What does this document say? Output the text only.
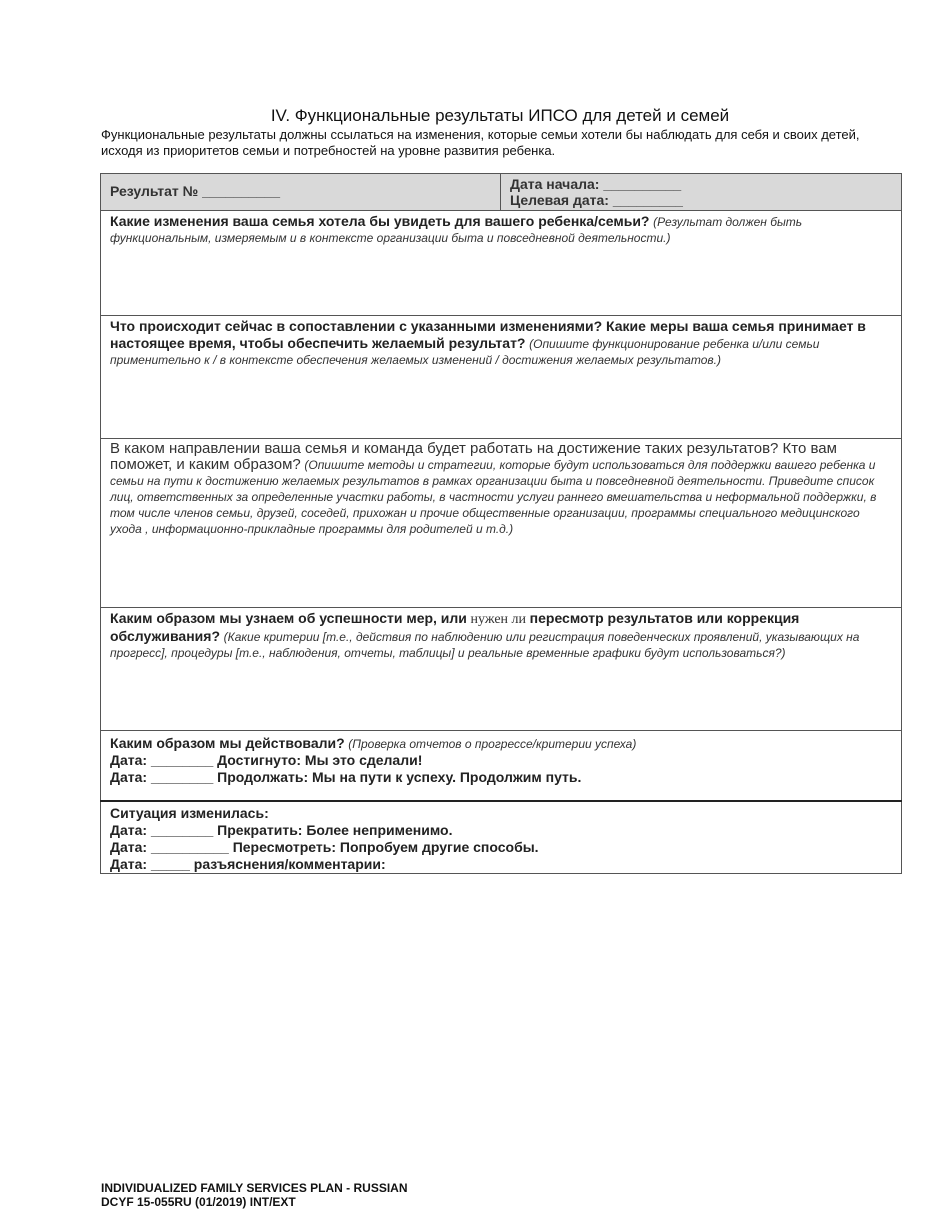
IV. Функциональные результаты ИПСО для детей и семей
Функциональные результаты должны ссылаться на изменения, которые семьи хотели бы наблюдать для себя и своих детей, исходя из приоритетов семьи и потребностей на уровне развития ребенка.
Результат № __________	Дата начала: __________
Целевая дата: _________

Какие изменения ваша семья хотела бы увидеть для вашего ребенка/семьи? (Результат должен быть функциональным, измеряемым и в контексте организации быта и повседневной деятельности.)
Что происходит сейчас в сопоставлении с указанными изменениями? Какие меры ваша семья принимает в настоящее время, чтобы обеспечить желаемый результат? (Опишите функционирование ребенка и/или семьи применительно к / в контексте обеспечения желаемых изменений / достижения желаемых результатов.)
В каком направлении ваша семья и команда будет работать на достижение таких результатов? Кто вам поможет, и каким образом? (Опишите методы и стратегии, которые будут использоваться для поддержки вашего ребенка и семьи на пути к достижению желаемых результатов в рамках организации быта и повседневной деятельности. Приведите список лиц, ответственных за определенные участки работы, в частности услуги раннего вмешательства и неформальной поддержки, в том числе членов семьи, друзей, соседей, прихожан и прочие общественные организации, программы специального медицинского ухода , информационно-прикладные программы для родителей и т.д.)
Каким образом мы узнаем об успешности мер, или нужен ли пересмотр результатов или коррекция обслуживания? (Какие критерии [т.е., действия по наблюдению или регистрация поведенческих проявлений, указывающих на прогресс], процедуры [т.е., наблюдения, отчеты, таблицы] и реальные временные графики будут использоваться?)

Каким образом мы действовали? (Проверка отчетов о прогрессе/критерии успеха)
Дата: ________ Достигнуто: Мы это сделали!
Дата: ________ Продолжать: Мы на пути к успеху. Продолжим путь.

Ситуация изменилась:
Дата: ________ Прекратить: Более неприменимо.
Дата: __________ Пересмотреть: Попробуем другие способы.
Дата: _____ разъяснения/комментарии:
INDIVIDUALIZED FAMILY SERVICES PLAN - RUSSIAN
DCYF 15-055RU (01/2019) INT/EXT
